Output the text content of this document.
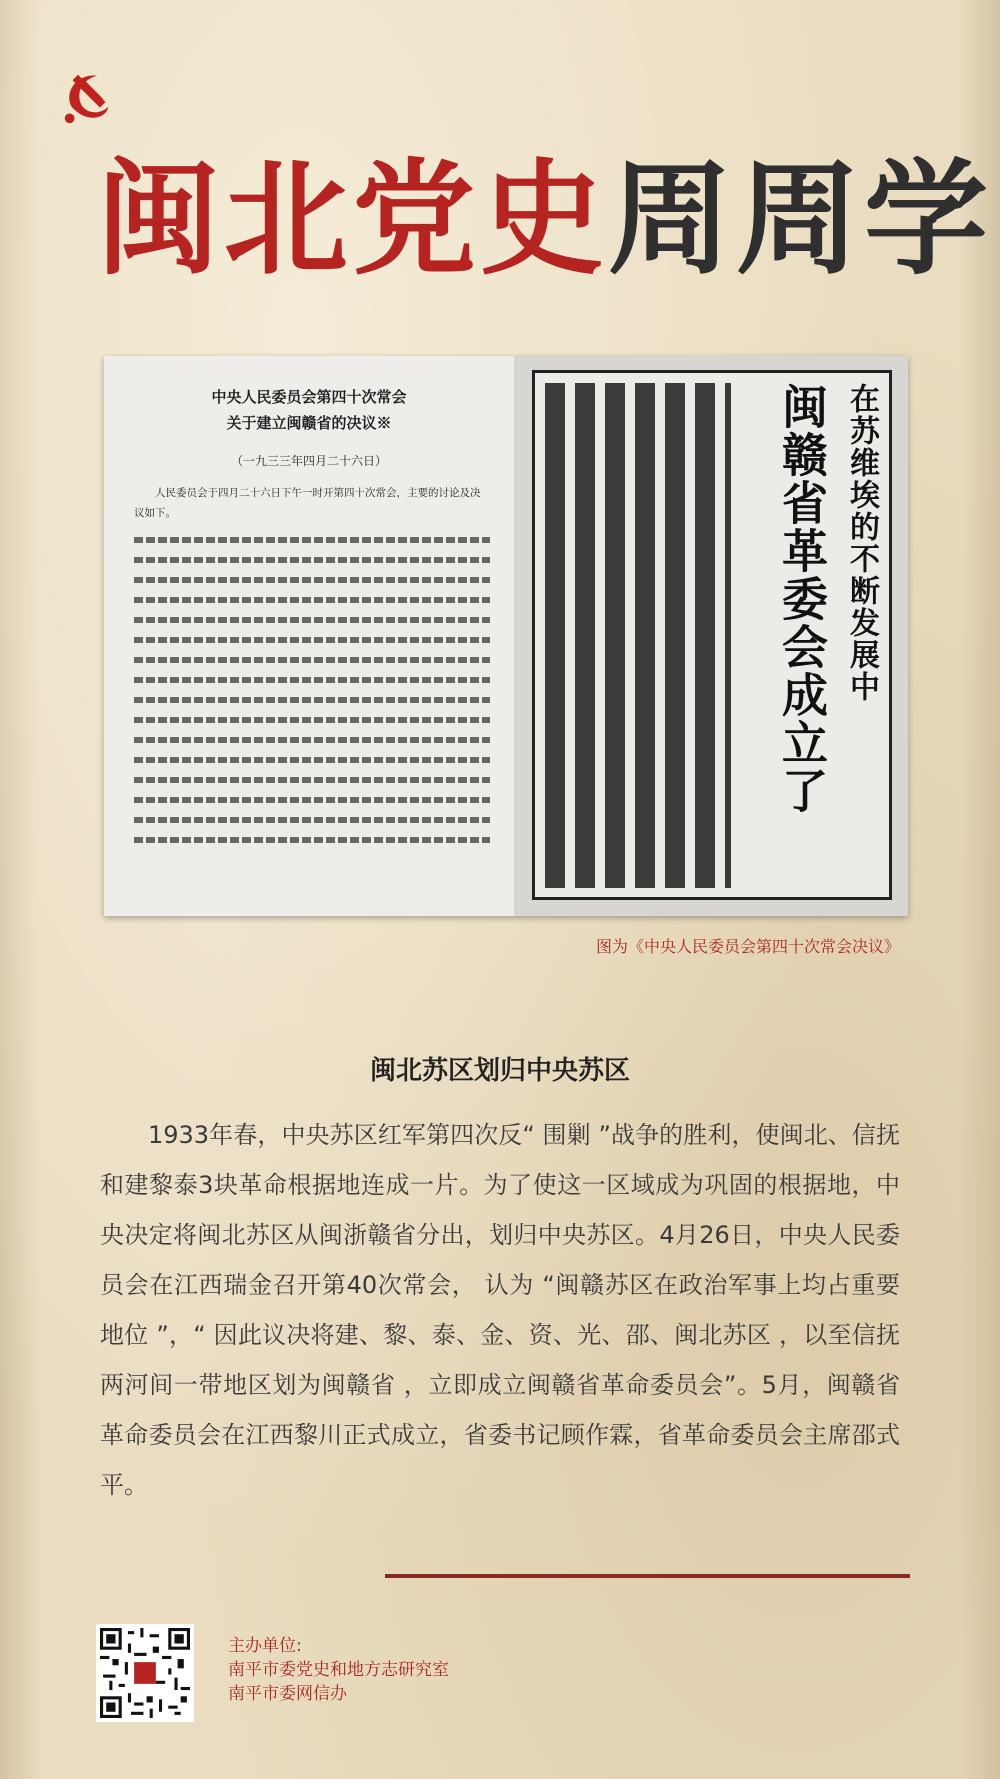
闽北党史周周学
中央人民委员会第四十次常会
关于建立闽赣省的决议※
（一九三三年四月二十六日）
人民委员会于四月二十六日下午一时开第四十次常会，主要的讨论及决议如下。	在苏维埃的不断发展中
闽赣省革委会成立了
图为《中央人民委员会第四十次常会决议》
闽北苏区划归中央苏区
1933年春，中央苏区红军第四次反“ 围剿 ”战争的胜利，使闽北、信抚和建黎泰3块革命根据地连成一片。为了使这一区域成为巩固的根据地，中央决定将闽北苏区从闽浙赣省分出，划归中央苏区。4月26日，中央人民委员会在江西瑞金召开第40次常会， 认为 “闽赣苏区在政治军事上均占重要地位 ”，“ 因此议决将建、黎、泰、金、资、光、邵、闽北苏区 ，以至信抚两河间一带地区划为闽赣省 ，立即成立闽赣省革命委员会”。5月，闽赣省革命委员会在江西黎川正式成立，省委书记顾作霖，省革命委员会主席邵式平。
主办单位:
南平市委党史和地方志研究室
南平市委网信办
